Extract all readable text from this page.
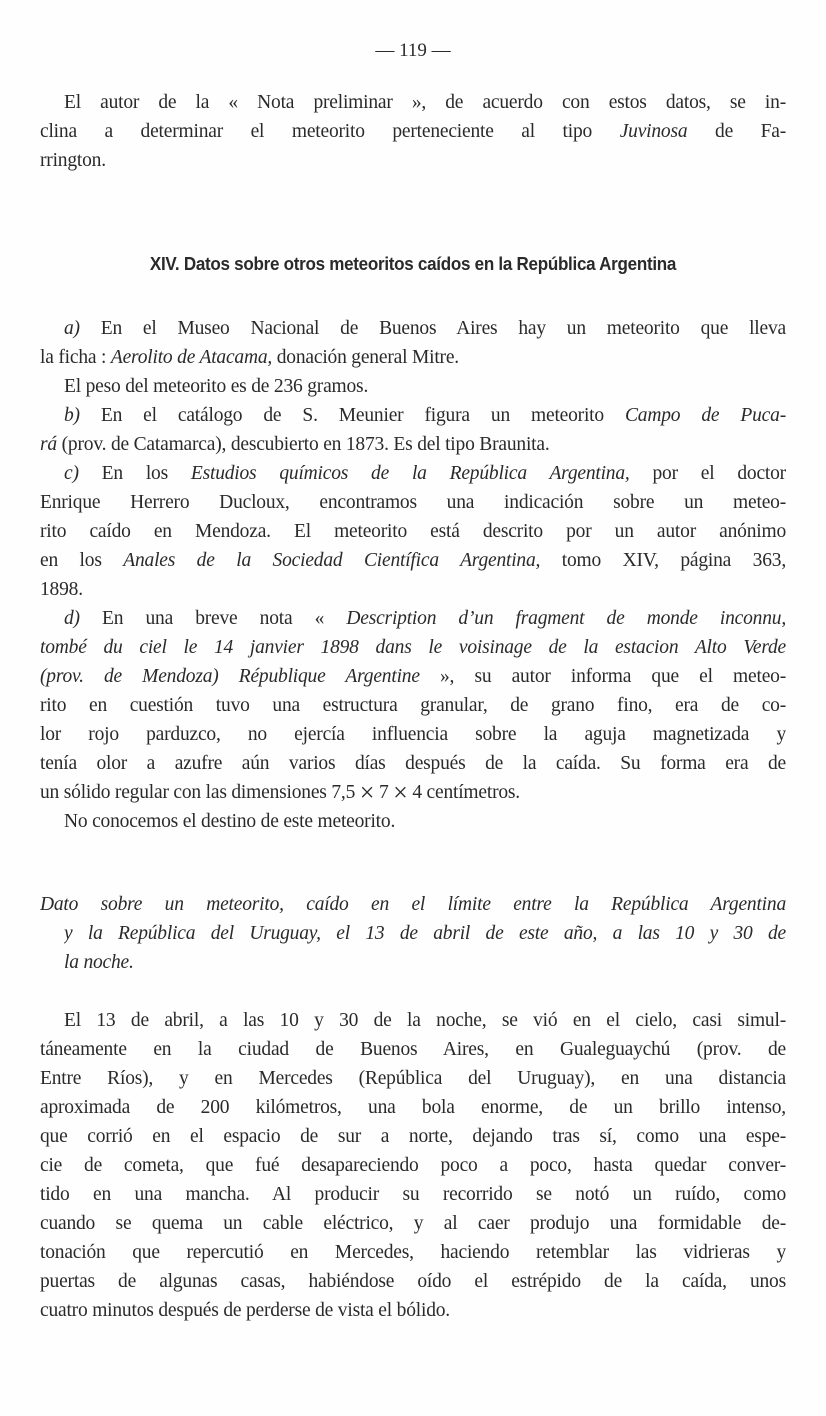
— 119 —
El autor de la « Nota preliminar », de acuerdo con estos datos, se in-
clina a determinar el meteorito perteneciente al tipo Juvinosa de Fa-
rrington.
XIV. Datos sobre otros meteoritos caídos en la República Argentina
a) En el Museo Nacional de Buenos Aires hay un meteorito que lleva
la ficha : Aerolito de Atacama, donación general Mitre.
El peso del meteorito es de 236 gramos.
b) En el catálogo de S. Meunier figura un meteorito Campo de Puca-
rá (prov. de Catamarca), descubierto en 1873. Es del tipo Braunita.
c) En los Estudios químicos de la República Argentina, por el doctor
Enrique Herrero Ducloux, encontramos una indicación sobre un meteo-
rito caído en Mendoza. El meteorito está descrito por un autor anónimo
en los Anales de la Sociedad Científica Argentina, tomo XIV, página 363,
1898.
d) En una breve nota « Description d’un fragment de monde inconnu,
tombé du ciel le 14 janvier 1898 dans le voisinage de la estacion Alto Verde
(prov. de Mendoza) République Argentine », su autor informa que el meteo-
rito en cuestión tuvo una estructura granular, de grano fino, era de co-
lor rojo parduzco, no ejercía influencia sobre la aguja magnetizada y
tenía olor a azufre aún varios días después de la caída. Su forma era de
un sólido regular con las dimensiones 7,5 × 7 × 4 centímetros.
No conocemos el destino de este meteorito.
Dato sobre un meteorito, caído en el límite entre la República Argentina
y la República del Uruguay, el 13 de abril de este año, a las 10 y 30 de
la noche.
El 13 de abril, a las 10 y 30 de la noche, se vió en el cielo, casi simul-
táneamente en la ciudad de Buenos Aires, en Gualeguaychú (prov. de
Entre Ríos), y en Mercedes (República del Uruguay), en una distancia
aproximada de 200 kilómetros, una bola enorme, de un brillo intenso,
que corrió en el espacio de sur a norte, dejando tras sí, como una espe-
cie de cometa, que fué desapareciendo poco a poco, hasta quedar conver-
tido en una mancha. Al producir su recorrido se notó un ruído, como
cuando se quema un cable eléctrico, y al caer produjo una formidable de-
tonación que repercutió en Mercedes, haciendo retemblar las vidrieras y
puertas de algunas casas, habiéndose oído el estrépido de la caída, unos
cuatro minutos después de perderse de vista el bólido.
